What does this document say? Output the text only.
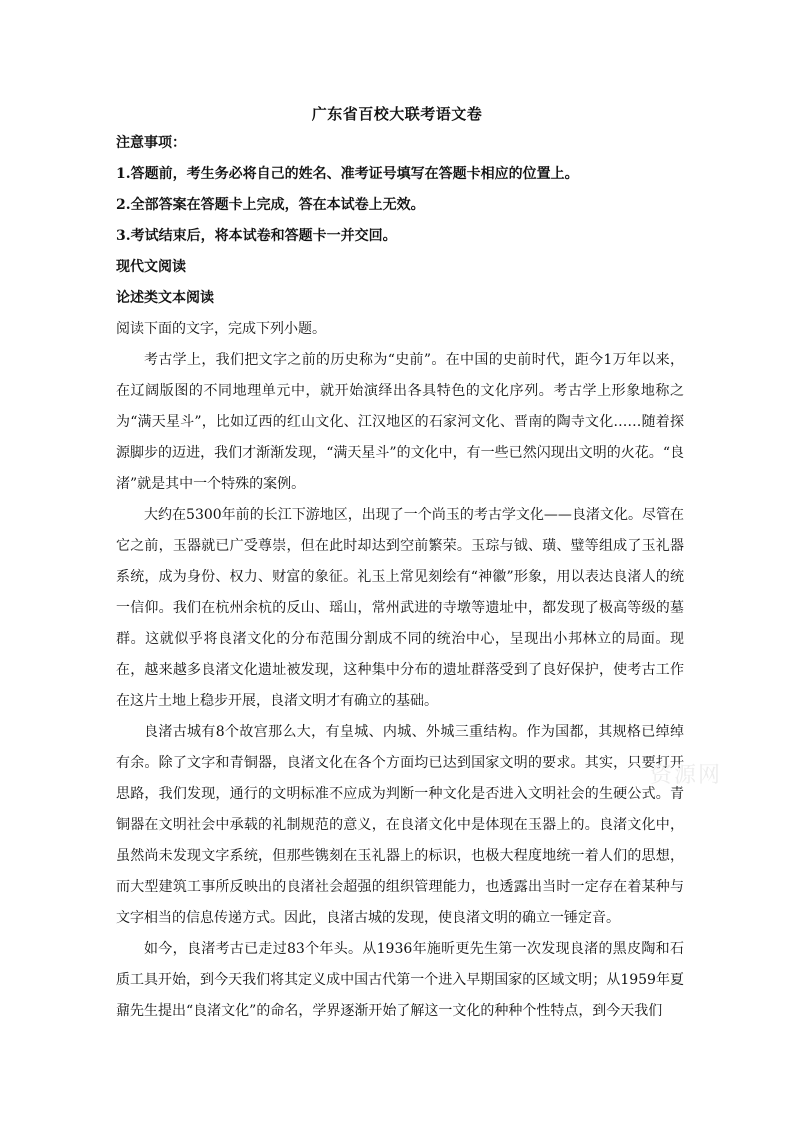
广东省百校大联考语文卷
注意事项：
1.答题前，考生务必将自己的姓名、准考证号填写在答题卡相应的位置上。
2.全部答案在答题卡上完成，答在本试卷上无效。
3.考试结束后，将本试卷和答题卡一并交回。
现代文阅读
论述类文本阅读
阅读下面的文字，完成下列小题。

考古学上，我们把文字之前的历史称为“史前”。在中国的史前时代，距今1万年以来，在辽阔版图的不同地理单元中，就开始演绎出各具特色的文化序列。考古学上形象地称之为“满天星斗”，比如辽西的红山文化、江汉地区的石家河文化、晋南的陶寺文化……随着探源脚步的迈进，我们才渐渐发现，“满天星斗”的文化中，有一些已然闪现出文明的火花。“良渚”就是其中一个特殊的案例。

大约在5300年前的长江下游地区，出现了一个尚玉的考古学文化——良渚文化。尽管在它之前，玉器就已广受尊崇，但在此时却达到空前繁荣。玉琮与钺、璜、璧等组成了玉礼器系统，成为身份、权力、财富的象征。礼玉上常见刻绘有“神徽”形象，用以表达良渚人的统一信仰。我们在杭州余杭的反山、瑶山，常州武进的寺墩等遗址中，都发现了极高等级的墓群。这就似乎将良渚文化的分布范围分割成不同的统治中心，呈现出小邦林立的局面。现在，越来越多良渚文化遗址被发现，这种集中分布的遗址群落受到了良好保护，使考古工作在这片土地上稳步开展，良渚文明才有确立的基础。

良渚古城有8个故宫那么大，有皇城、内城、外城三重结构。作为国都，其规格已绰绰有余。除了文字和青铜器，良渚文化在各个方面均已达到国家文明的要求。其实，只要打开思路，我们发现，通行的文明标准不应成为判断一种文化是否进入文明社会的生硬公式。青铜器在文明社会中承载的礼制规范的意义，在良渚文化中是体现在玉器上的。良渚文化中，虽然尚未发现文字系统，但那些镌刻在玉礼器上的标识，也极大程度地统一着人们的思想，而大型建筑工事所反映出的良渚社会超强的组织管理能力，也透露出当时一定存在着某种与文字相当的信息传递方式。因此，良渚古城的发现，使良渚文明的确立一锤定音。

如今，良渚考古已走过83个年头。从1936年施昕更先生第一次发现良渚的黑皮陶和石质工具开始，到今天我们将其定义成中国古代第一个进入早期国家的区域文明；从1959年夏鼐先生提出“良渚文化”的命名，学界逐渐开始了解这一文化的种种个性特点，到今天我们

资源网
